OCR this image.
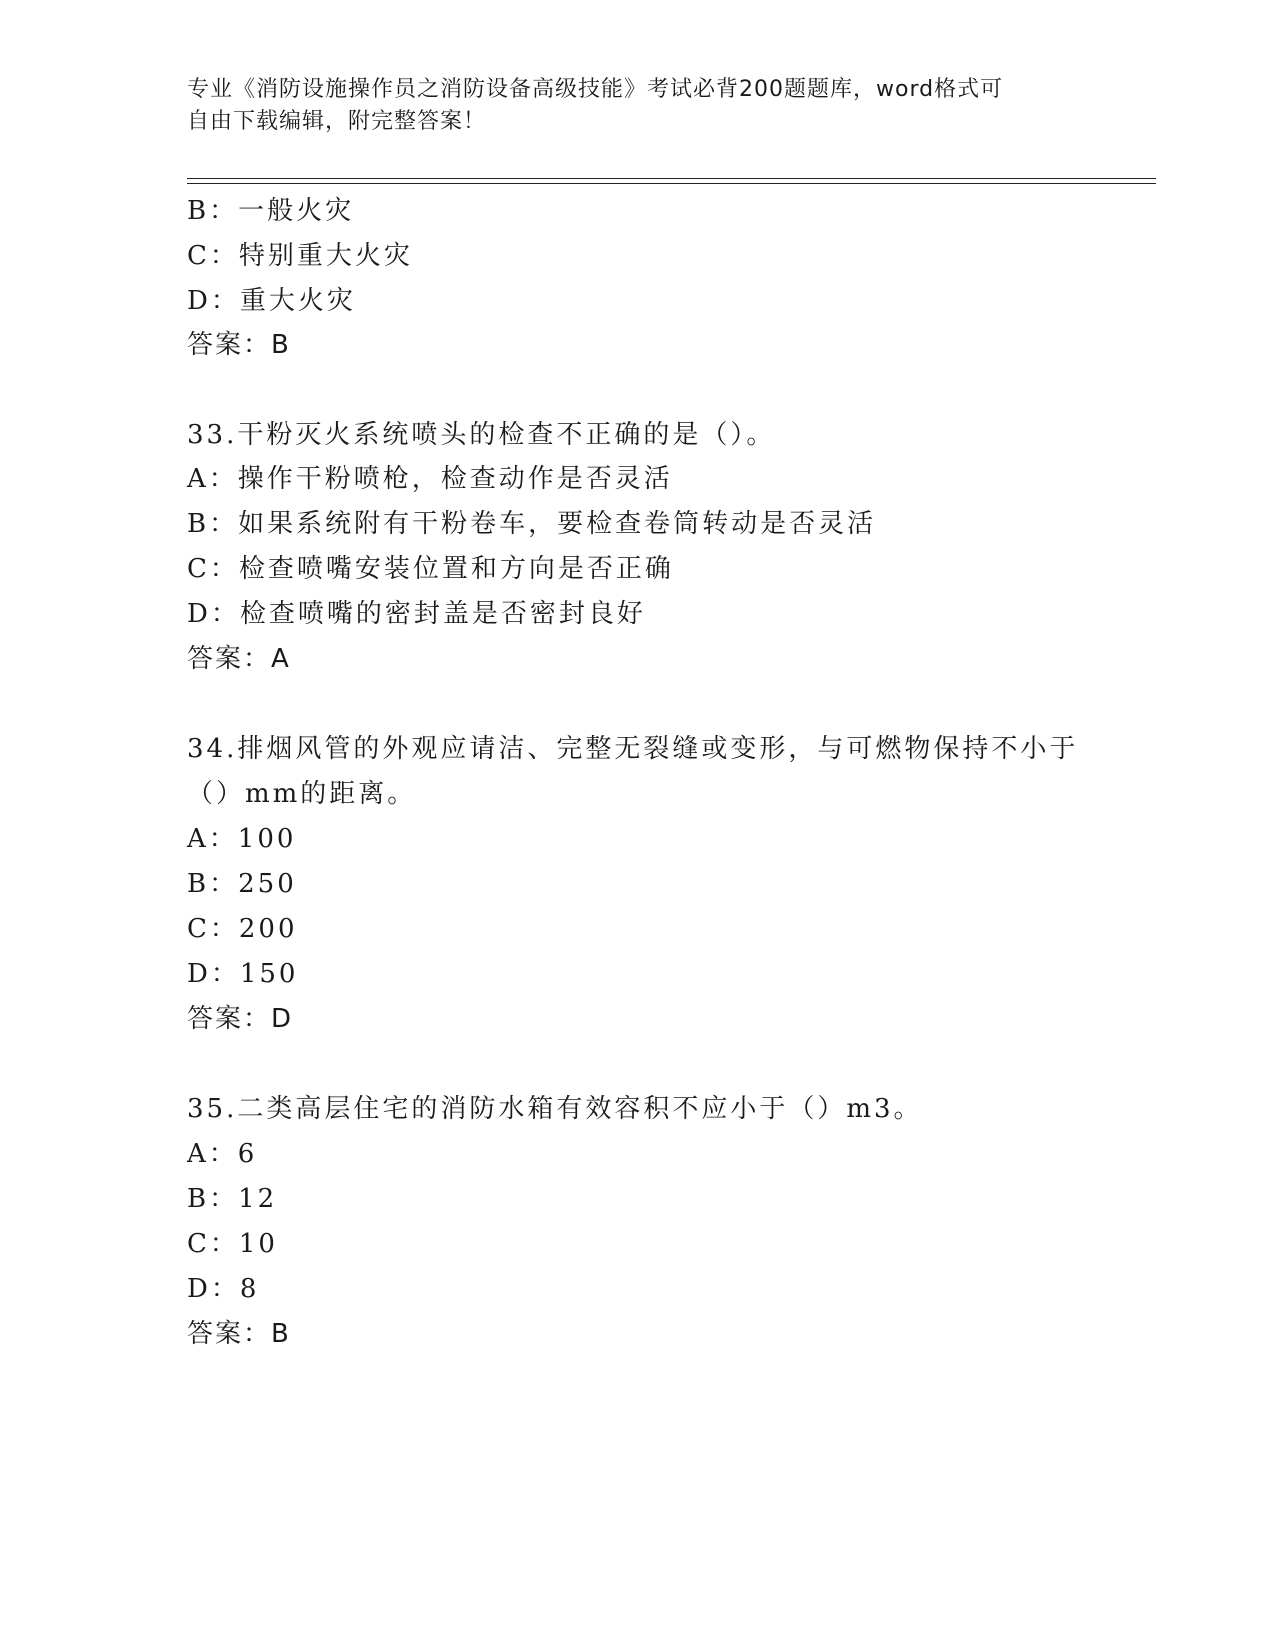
专业《消防设施操作员之消防设备高级技能》考试必背200题题库，word格式可
自由下载编辑，附完整答案！
B：一般火灾
C：特别重大火灾
D：重大火灾
答案：B
33.干粉灭火系统喷头的检查不正确的是（）。
A：操作干粉喷枪，检查动作是否灵活
B：如果系统附有干粉卷车，要检查卷筒转动是否灵活
C：检查喷嘴安装位置和方向是否正确
D：检查喷嘴的密封盖是否密封良好
答案：A
34.排烟风管的外观应请洁、完整无裂缝或变形，与可燃物保持不小于
（）mm的距离。
A：100
B：250
C：200
D：150
答案：D
35.二类高层住宅的消防水箱有效容积不应小于（）m3。
A：6
B：12
C：10
D：8
答案：B
